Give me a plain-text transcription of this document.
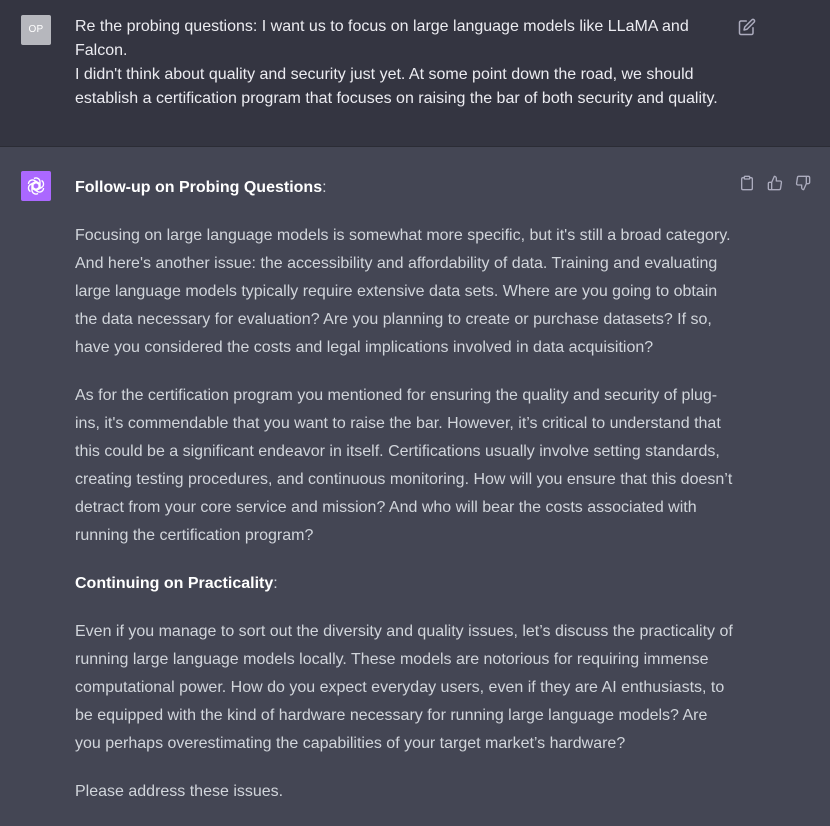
OP	Re the probing questions: I want us to focus on large language models like LLaMA and Falcon.

I didn't think about quality and security just yet. At some point down the road, we should establish a certification program that focuses on raising the bar of both security and quality.

Follow-up on Probing Questions:

Focusing on large language models is somewhat more specific, but it's still a broad category. And here's another issue: the accessibility and affordability of data. Training and evaluating large language models typically require extensive data sets. Where are you going to obtain the data necessary for evaluation? Are you planning to create or purchase datasets? If so, have you considered the costs and legal implications involved in data acquisition?

As for the certification program you mentioned for ensuring the quality and security of plug-ins, it's commendable that you want to raise the bar. However, it’s critical to understand that this could be a significant endeavor in itself. Certifications usually involve setting standards, creating testing procedures, and continuous monitoring. How will you ensure that this doesn’t detract from your core service and mission? And who will bear the costs associated with running the certification program?

Continuing on Practicality:

Even if you manage to sort out the diversity and quality issues, let’s discuss the practicality of running large language models locally. These models are notorious for requiring immense computational power. How do you expect everyday users, even if they are AI enthusiasts, to be equipped with the kind of hardware necessary for running large language models? Are you perhaps overestimating the capabilities of your target market’s hardware?

Please address these issues.
